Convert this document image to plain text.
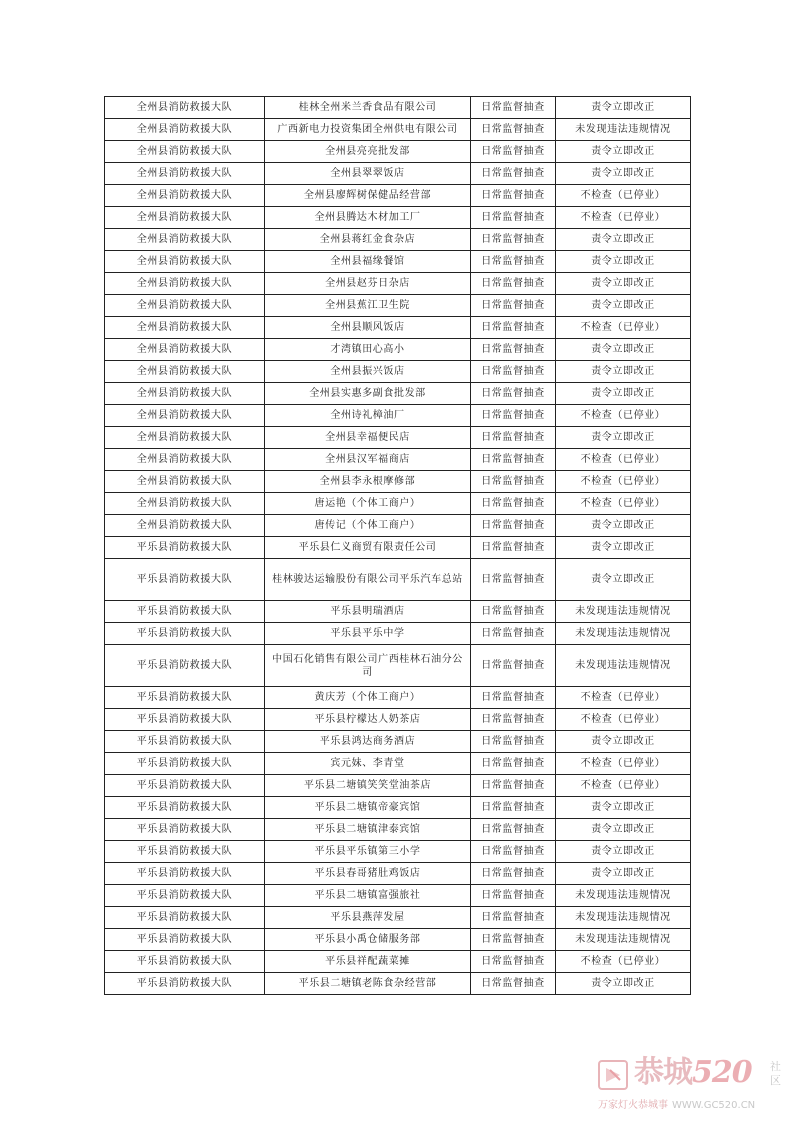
全州县消防救援大队	桂林全州米兰香食品有限公司	日常监督抽查	责令立即改正
全州县消防救援大队	广西新电力投资集团全州供电有限公司	日常监督抽查	未发现违法违规情况
全州县消防救援大队	全州县亮亮批发部	日常监督抽查	责令立即改正
全州县消防救援大队	全州县翠翠饭店	日常监督抽查	责令立即改正
全州县消防救援大队	全州县廖辉树保健品经营部	日常监督抽查	不检查（已停业）
全州县消防救援大队	全州县腾达木材加工厂	日常监督抽查	不检查（已停业）
全州县消防救援大队	全州县蒋红金食杂店	日常监督抽查	责令立即改正
全州县消防救援大队	全州县福缘餐馆	日常监督抽查	责令立即改正
全州县消防救援大队	全州县赵芬日杂店	日常监督抽查	责令立即改正
全州县消防救援大队	全州县蕉江卫生院	日常监督抽查	责令立即改正
全州县消防救援大队	全州县顺风饭店	日常监督抽查	不检查（已停业）
全州县消防救援大队	才湾镇田心高小	日常监督抽查	责令立即改正
全州县消防救援大队	全州县振兴饭店	日常监督抽查	责令立即改正
全州县消防救援大队	全州县实惠多副食批发部	日常监督抽查	责令立即改正
全州县消防救援大队	全州诗礼樟油厂	日常监督抽查	不检查（已停业）
全州县消防救援大队	全州县幸福便民店	日常监督抽查	责令立即改正
全州县消防救援大队	全州县汉军福商店	日常监督抽查	不检查（已停业）
全州县消防救援大队	全州县李永根摩修部	日常监督抽查	不检查（已停业）
全州县消防救援大队	唐运艳（个体工商户）	日常监督抽查	不检查（已停业）
全州县消防救援大队	唐传记（个体工商户）	日常监督抽查	责令立即改正
平乐县消防救援大队	平乐县仁义商贸有限责任公司	日常监督抽查	责令立即改正
平乐县消防救援大队	桂林骏达运输股份有限公司平乐汽车总站	日常监督抽查	责令立即改正
平乐县消防救援大队	平乐县明瑞酒店	日常监督抽查	未发现违法违规情况
平乐县消防救援大队	平乐县平乐中学	日常监督抽查	未发现违法违规情况
平乐县消防救援大队	中国石化销售有限公司广西桂林石油分公司	日常监督抽查	未发现违法违规情况
平乐县消防救援大队	黄庆芳（个体工商户）	日常监督抽查	不检查（已停业）
平乐县消防救援大队	平乐县柠檬达人奶茶店	日常监督抽查	不检查（已停业）
平乐县消防救援大队	平乐县鸿达商务酒店	日常监督抽查	责令立即改正
平乐县消防救援大队	宾元妹、李青堂	日常监督抽查	不检查（已停业）
平乐县消防救援大队	平乐县二塘镇笑笑堂油茶店	日常监督抽查	不检查（已停业）
平乐县消防救援大队	平乐县二塘镇帝豪宾馆	日常监督抽查	责令立即改正
平乐县消防救援大队	平乐县二塘镇津泰宾馆	日常监督抽查	责令立即改正
平乐县消防救援大队	平乐县平乐镇第三小学	日常监督抽查	责令立即改正
平乐县消防救援大队	平乐县春哥猪肚鸡饭店	日常监督抽查	责令立即改正
平乐县消防救援大队	平乐县二塘镇富强旅社	日常监督抽查	未发现违法违规情况
平乐县消防救援大队	平乐县燕萍发屋	日常监督抽查	未发现违法违规情况
平乐县消防救援大队	平乐县小禹仓储服务部	日常监督抽查	未发现违法违规情况
平乐县消防救援大队	平乐县祥配蔬菜摊	日常监督抽查	不检查（已停业）
平乐县消防救援大队	平乐县二塘镇老陈食杂经营部	日常监督抽查	责令立即改正
恭城520 社区
万家灯火恭城事 WWW.GC520.CN
